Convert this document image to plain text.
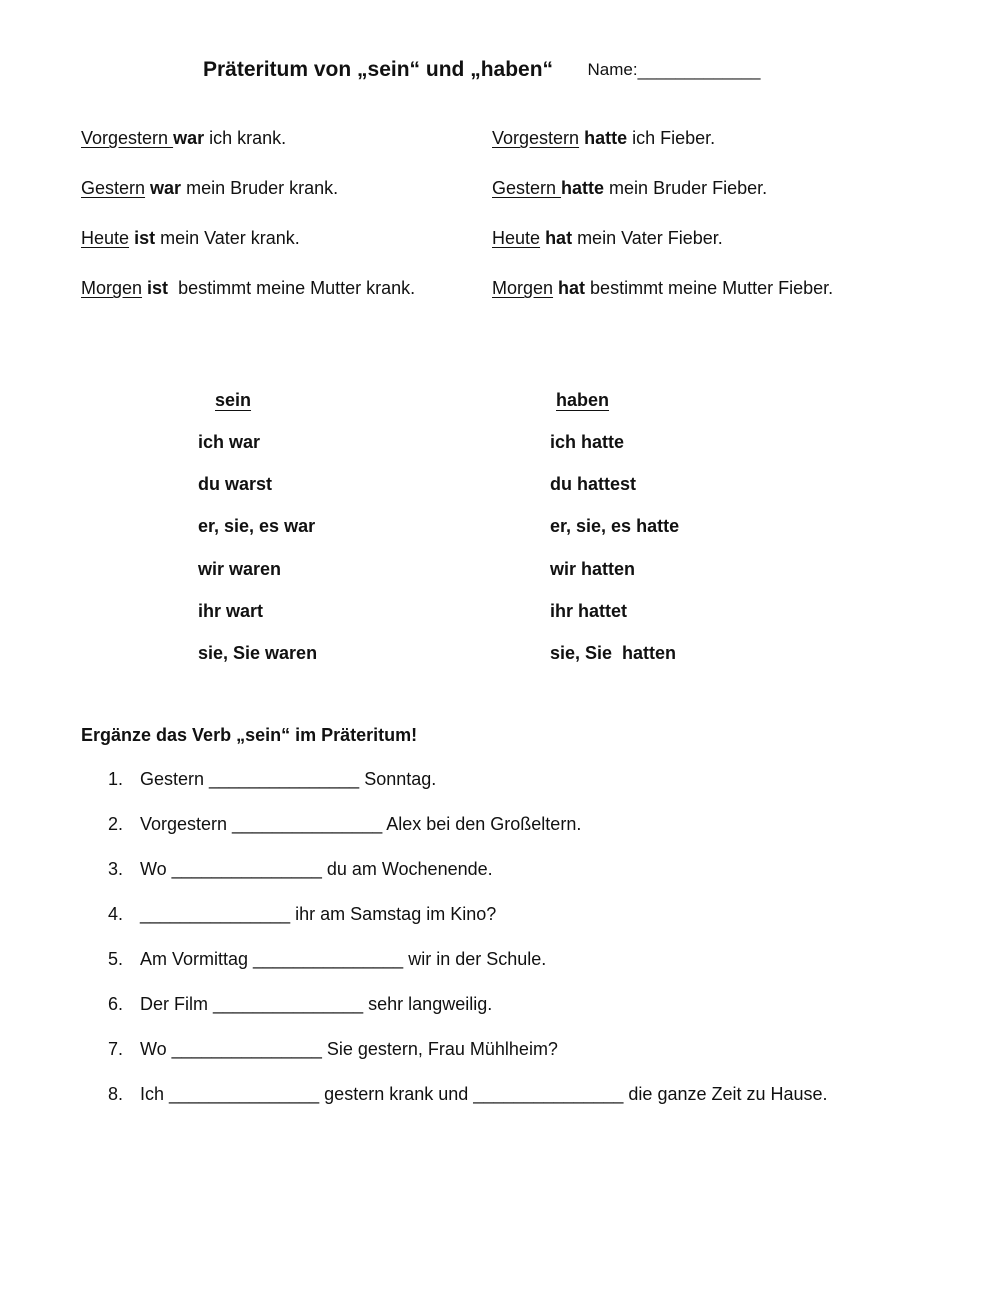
Präteritum von „sein“ und „haben“ Name:_____________
Vorgestern war ich krank.
Gestern war mein Bruder krank.
Heute ist mein Vater krank.
Morgen ist  bestimmt meine Mutter krank.
Vorgestern hatte ich Fieber.
Gestern hatte mein Bruder Fieber.
Heute hat mein Vater Fieber.
Morgen hat bestimmt meine Mutter Fieber.
sein
ich war
du warst
er, sie, es war
wir waren
ihr wart
sie, Sie waren
haben
ich hatte
du hattest
er, sie, es hatte
wir hatten
ihr hattet
sie, Sie  hatten
Ergänze das Verb „sein“ im Präteritum!
1. Gestern _______________ Sonntag.
2. Vorgestern _______________ Alex bei den Großeltern.
3. Wo _______________ du am Wochenende.
4. _______________ ihr am Samstag im Kino?
5. Am Vormittag _______________ wir in der Schule.
6. Der Film _______________ sehr langweilig.
7. Wo _______________ Sie gestern, Frau Mühlheim?
8. Ich _______________ gestern krank und _______________ die ganze Zeit zu Hause.
